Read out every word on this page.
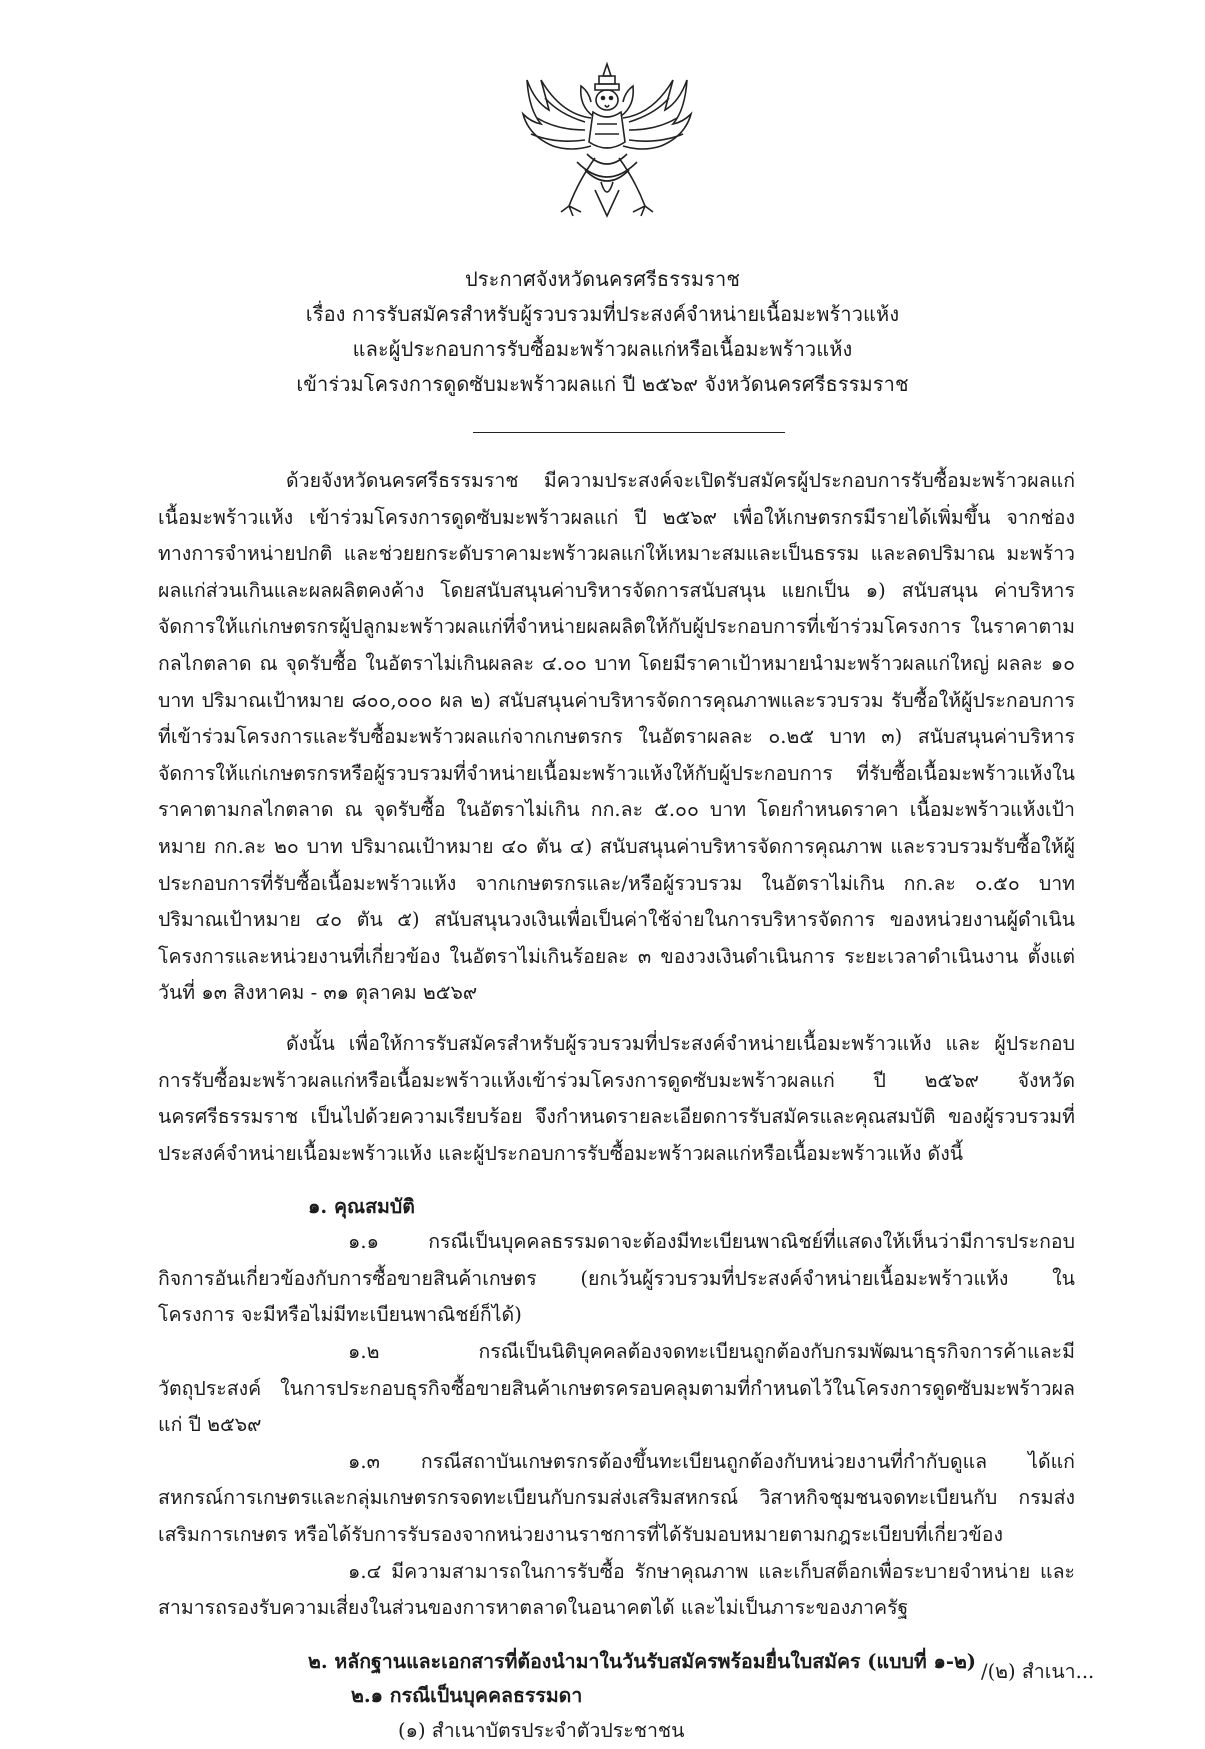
ประกาศจังหวัดนครศรีธรรมราช

เรื่อง การรับสมัครสำหรับผู้รวบรวมที่ประสงค์จำหน่ายเนื้อมะพร้าวแห้ง

และผู้ประกอบการรับซื้อมะพร้าวผลแก่หรือเนื้อมะพร้าวแห้ง

เข้าร่วมโครงการดูดซับมะพร้าวผลแก่ ปี ๒๕๖๙ จังหวัดนครศรีธรรมราช

ด้วยจังหวัดนครศรีธรรมราช มีความประสงค์จะเปิดรับสมัครผู้ประกอบการรับซื้อมะพร้าวผลแก่ เนื้อมะพร้าวแห้ง เข้าร่วมโครงการดูดซับมะพร้าวผลแก่ ปี ๒๕๖๙ เพื่อให้เกษตรกรมีรายได้เพิ่มขึ้น จากช่องทางการจำหน่ายปกติ และช่วยยกระดับราคามะพร้าวผลแก่ให้เหมาะสมและเป็นธรรม และลดปริมาณ มะพร้าวผลแก่ส่วนเกินและผลผลิตคงค้าง โดยสนับสนุนค่าบริหารจัดการสนับสนุน แยกเป็น ๑) สนับสนุน ค่าบริหารจัดการให้แก่เกษตรกรผู้ปลูกมะพร้าวผลแก่ที่จำหน่ายผลผลิตให้กับผู้ประกอบการที่เข้าร่วมโครงการ ในราคาตามกลไกตลาด ณ จุดรับซื้อ ในอัตราไม่เกินผลละ ๔.๐๐ บาท โดยมีราคาเป้าหมายนำมะพร้าวผลแก่ใหญ่ ผลละ ๑๐ บาท ปริมาณเป้าหมาย ๘๐๐,๐๐๐ ผล ๒) สนับสนุนค่าบริหารจัดการคุณภาพและรวบรวม รับซื้อให้ผู้ประกอบการที่เข้าร่วมโครงการและรับซื้อมะพร้าวผลแก่จากเกษตรกร ในอัตราผลละ ๐.๒๕ บาท ๓) สนับสนุนค่าบริหารจัดการให้แก่เกษตรกรหรือผู้รวบรวมที่จำหน่ายเนื้อมะพร้าวแห้งให้กับผู้ประกอบการ ที่รับซื้อเนื้อมะพร้าวแห้งในราคาตามกลไกตลาด ณ จุดรับซื้อ ในอัตราไม่เกิน กก.ละ ๕.๐๐ บาท โดยกำหนดราคา เนื้อมะพร้าวแห้งเป้าหมาย กก.ละ ๒๐ บาท ปริมาณเป้าหมาย ๔๐ ตัน ๔) สนับสนุนค่าบริหารจัดการคุณภาพ และรวบรวมรับซื้อให้ผู้ประกอบการที่รับซื้อเนื้อมะพร้าวแห้ง จากเกษตรกรและ/หรือผู้รวบรวม ในอัตราไม่เกิน กก.ละ ๐.๕๐ บาท ปริมาณเป้าหมาย ๔๐ ตัน ๕) สนับสนุนวงเงินเพื่อเป็นค่าใช้จ่ายในการบริหารจัดการ ของหน่วยงานผู้ดำเนินโครงการและหน่วยงานที่เกี่ยวข้อง ในอัตราไม่เกินร้อยละ ๓ ของวงเงินดำเนินการ ระยะเวลาดำเนินงาน ตั้งแต่วันที่ ๑๓ สิงหาคม - ๓๑ ตุลาคม ๒๕๖๙

ดังนั้น เพื่อให้การรับสมัครสำหรับผู้รวบรวมที่ประสงค์จำหน่ายเนื้อมะพร้าวแห้ง และ ผู้ประกอบการรับซื้อมะพร้าวผลแก่หรือเนื้อมะพร้าวแห้งเข้าร่วมโครงการดูดซับมะพร้าวผลแก่ ปี ๒๕๖๙ จังหวัดนครศรีธรรมราช เป็นไปด้วยความเรียบร้อย จึงกำหนดรายละเอียดการรับสมัครและคุณสมบัติ ของผู้รวบรวมที่ประสงค์จำหน่ายเนื้อมะพร้าวแห้ง และผู้ประกอบการรับซื้อมะพร้าวผลแก่หรือเนื้อมะพร้าวแห้ง ดังนี้

๑. คุณสมบัติ

๑.๑ กรณีเป็นบุคคลธรรมดาจะต้องมีทะเบียนพาณิชย์ที่แสดงให้เห็นว่ามีการประกอบ กิจการอันเกี่ยวข้องกับการซื้อขายสินค้าเกษตร (ยกเว้นผู้รวบรวมที่ประสงค์จำหน่ายเนื้อมะพร้าวแห้ง ในโครงการ จะมีหรือไม่มีทะเบียนพาณิชย์ก็ได้)

๑.๒ กรณีเป็นนิติบุคคลต้องจดทะเบียนถูกต้องกับกรมพัฒนาธุรกิจการค้าและมีวัตถุประสงค์ ในการประกอบธุรกิจซื้อขายสินค้าเกษตรครอบคลุมตามที่กำหนดไว้ในโครงการดูดซับมะพร้าวผลแก่ ปี ๒๕๖๙

๑.๓ กรณีสถาบันเกษตรกรต้องขึ้นทะเบียนถูกต้องกับหน่วยงานที่กำกับดูแล ได้แก่ สหกรณ์การเกษตรและกลุ่มเกษตรกรจดทะเบียนกับกรมส่งเสริมสหกรณ์ วิสาหกิจชุมชนจดทะเบียนกับ กรมส่งเสริมการเกษตร หรือได้รับการรับรองจากหน่วยงานราชการที่ได้รับมอบหมายตามกฎระเบียบที่เกี่ยวข้อง

๑.๔ มีความสามารถในการรับซื้อ รักษาคุณภาพ และเก็บสต็อกเพื่อระบายจำหน่าย และสามารถรองรับความเสี่ยงในส่วนของการหาตลาดในอนาคตได้ และไม่เป็นภาระของภาครัฐ

๒. หลักฐานและเอกสารที่ต้องนำมาในวันรับสมัครพร้อมยื่นใบสมัคร (แบบที่ ๑-๒)

๒.๑ กรณีเป็นบุคคลธรรมดา

(๑) สำเนาบัตรประจำตัวประชาชน

/(๒) สำเนา...
